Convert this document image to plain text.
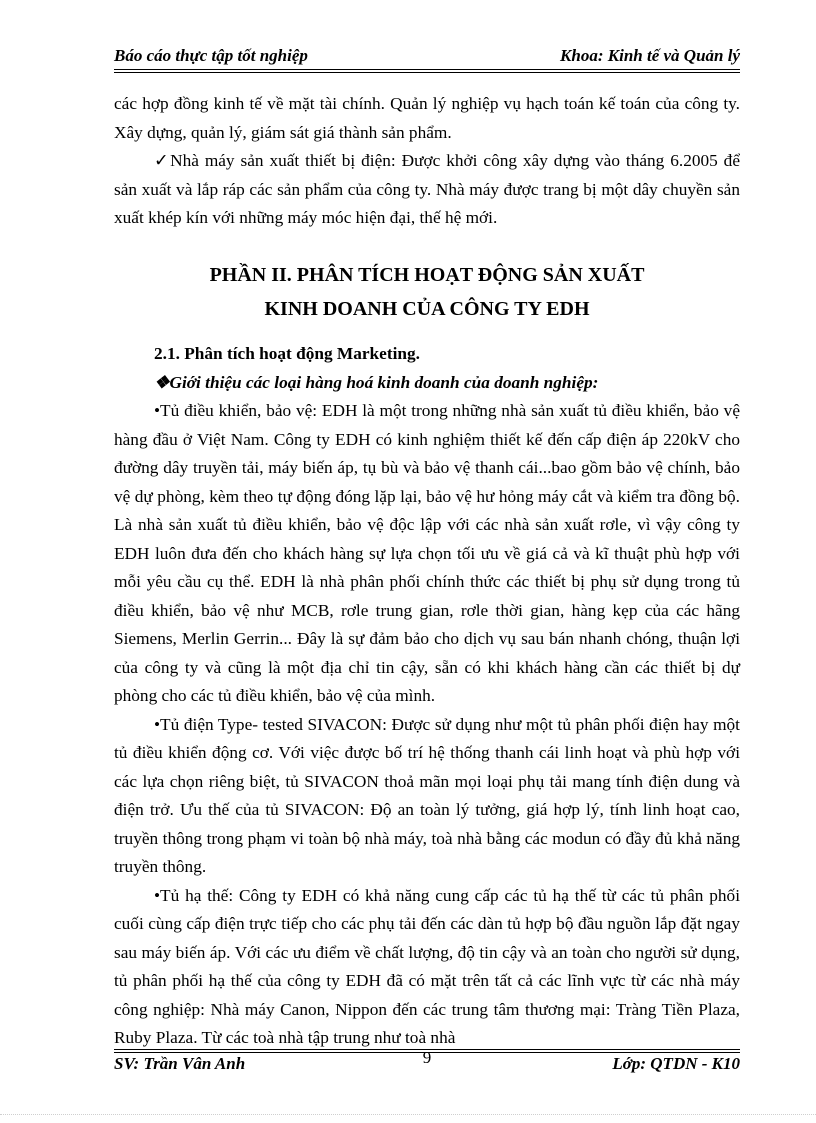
Báo cáo thực tập tốt nghiệp	Khoa: Kinh tế và Quản lý

các hợp đồng kinh tế về mặt tài chính. Quản lý nghiệp vụ hạch toán kế toán của công ty. Xây dựng, quản lý, giám sát giá thành sản phẩm.

✓Nhà máy sản xuất thiết bị điện: Được khởi công xây dựng vào tháng 6.2005 để sản xuất và lắp ráp các sản phẩm của công ty. Nhà máy được trang bị một dây chuyền sản xuất khép kín với những máy móc hiện đại, thế hệ mới.

PHẦN II. PHÂN TÍCH HOẠT ĐỘNG SẢN XUẤT
KINH DOANH CỦA CÔNG TY EDH
2.1. Phân tích hoạt động Marketing.
❖Giới thiệu các loại hàng hoá kinh doanh của doanh nghiệp:

•Tủ điều khiển, bảo vệ: EDH là một trong những nhà sản xuất tủ điều khiển, bảo vệ hàng đầu ở Việt Nam. Công ty EDH có kinh nghiệm thiết kế đến cấp điện áp 220kV cho đường dây truyền tải, máy biến áp, tụ bù và bảo vệ thanh cái...bao gồm bảo vệ chính, bảo vệ dự phòng, kèm theo tự động đóng lặp lại, bảo vệ hư hỏng máy cắt và kiểm tra đồng bộ. Là nhà sản xuất tủ điều khiển, bảo vệ độc lập với các nhà sản xuất rơle, vì vậy công ty EDH luôn đưa đến cho khách hàng sự lựa chọn tối ưu về giá cả và kĩ thuật phù hợp với mỗi yêu cầu cụ thể. EDH là nhà phân phối chính thức các thiết bị phụ sử dụng trong tủ điều khiển, bảo vệ như MCB, rơle trung gian, rơle thời gian, hàng kẹp của các hãng Siemens, Merlin Gerrin... Đây là sự đảm bảo cho dịch vụ sau bán nhanh chóng, thuận lợi của công ty và cũng là một địa chỉ tin cậy, sẵn có khi khách hàng cần các thiết bị dự phòng cho các tủ điều khiển, bảo vệ của mình.

•Tủ điện Type- tested SIVACON: Được sử dụng như một tủ phân phối điện hay một tủ điều khiển động cơ. Với việc được bố trí hệ thống thanh cái linh hoạt và phù hợp với các lựa chọn riêng biệt, tủ SIVACON thoả mãn mọi loại phụ tải mang tính điện dung và điện trở. Ưu thế của tủ SIVACON: Độ an toàn lý tưởng, giá hợp lý, tính linh hoạt cao, truyền thông trong phạm vi toàn bộ nhà máy, toà nhà bằng các modun có đầy đủ khả năng truyền thông.

•Tủ hạ thế: Công ty EDH có khả năng cung cấp các tủ hạ thế từ các tủ phân phối cuối cùng cấp điện trực tiếp cho các phụ tải đến các dàn tủ hợp bộ đầu nguồn lắp đặt ngay sau máy biến áp. Với các ưu điểm về chất lượng, độ tin cậy và an toàn cho người sử dụng, tủ phân phối hạ thế của công ty EDH đã có mặt trên tất cả các lĩnh vực từ các nhà máy công nghiệp: Nhà máy Canon, Nippon đến các trung tâm thương mại: Tràng Tiền Plaza, Ruby Plaza. Từ các toà nhà tập trung như toà nhà

SV: Trần Vân Anh	9	Lớp: QTDN - K10
